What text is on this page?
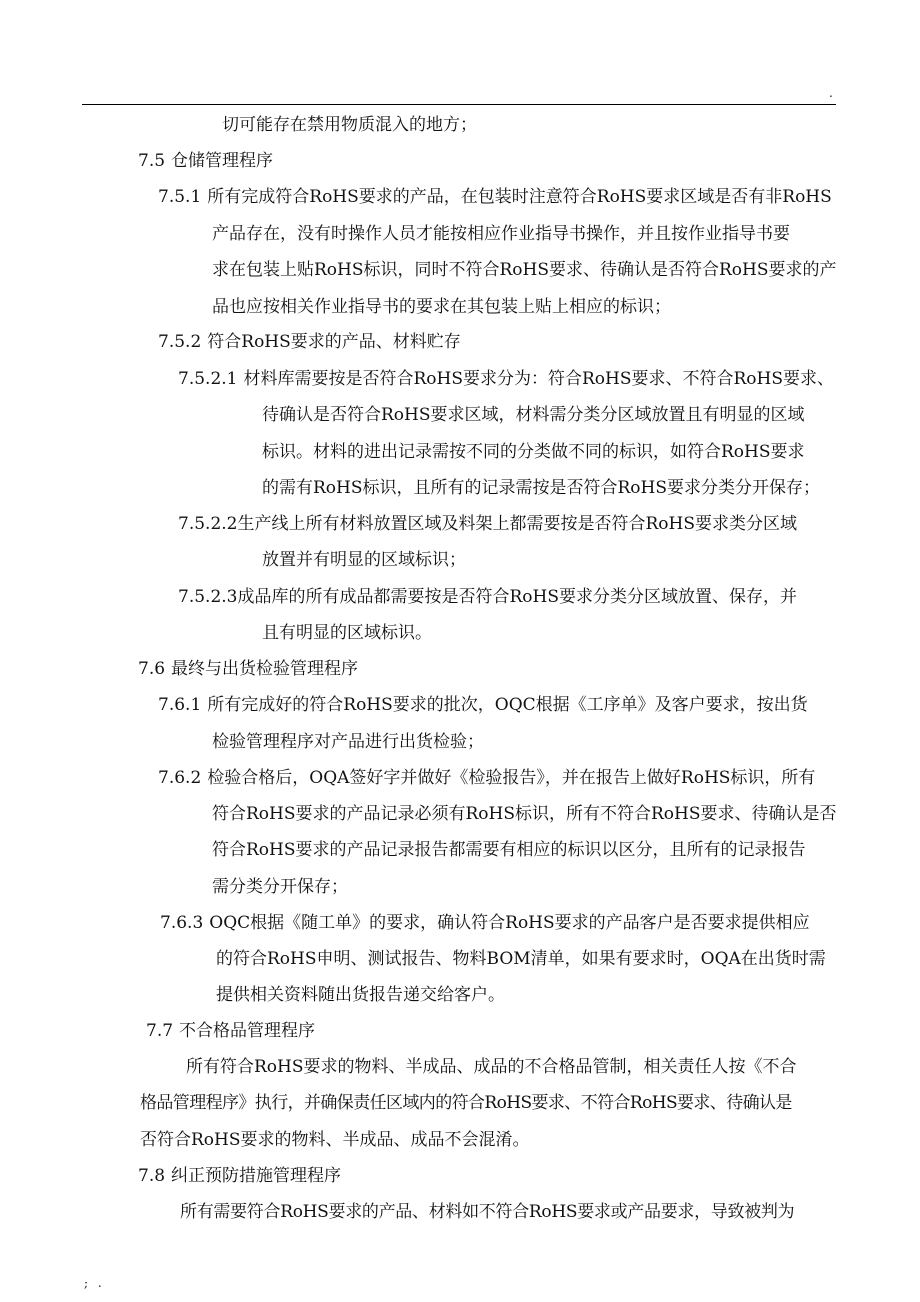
.
切可能存在禁用物质混入的地方；
7.5 仓储管理程序
7.5.1 所有完成符合RoHS要求的产品，在包装时注意符合RoHS要求区域是否有非RoHS
产品存在，没有时操作人员才能按相应作业指导书操作，并且按作业指导书要
求在包装上贴RoHS标识，同时不符合RoHS要求、待确认是否符合RoHS要求的产
品也应按相关作业指导书的要求在其包装上贴上相应的标识；
7.5.2 符合RoHS要求的产品、材料贮存
7.5.2.1 材料库需要按是否符合RoHS要求分为：符合RoHS要求、不符合RoHS要求、
待确认是否符合RoHS要求区域，材料需分类分区域放置且有明显的区域
标识。材料的进出记录需按不同的分类做不同的标识，如符合RoHS要求
的需有RoHS标识，且所有的记录需按是否符合RoHS要求分类分开保存；
7.5.2.2生产线上所有材料放置区域及料架上都需要按是否符合RoHS要求类分区域
放置并有明显的区域标识；
7.5.2.3成品库的所有成品都需要按是否符合RoHS要求分类分区域放置、保存，并
且有明显的区域标识。
7.6 最终与出货检验管理程序
7.6.1 所有完成好的符合RoHS要求的批次，OQC根据《工序单》及客户要求，按出货
检验管理程序对产品进行出货检验；
7.6.2 检验合格后，OQA签好字并做好《检验报告》，并在报告上做好RoHS标识，所有
符合RoHS要求的产品记录必须有RoHS标识，所有不符合RoHS要求、待确认是否
符合RoHS要求的产品记录报告都需要有相应的标识以区分，且所有的记录报告
需分类分开保存；
7.6.3 OQC根据《随工单》的要求，确认符合RoHS要求的产品客户是否要求提供相应
的符合RoHS申明、测试报告、物料BOM清单，如果有要求时，OQA在出货时需
提供相关资料随出货报告递交给客户。
7.7 不合格品管理程序
所有符合RoHS要求的物料、半成品、成品的不合格品管制，相关责任人按《不合
格品管理程序》执行，并确保责任区域内的符合RoHS要求、不符合RoHS要求、待确认是
否符合RoHS要求的物料、半成品、成品不会混淆。
7.8 纠正预防措施管理程序
所有需要符合RoHS要求的产品、材料如不符合RoHS要求或产品要求，导致被判为
; .
